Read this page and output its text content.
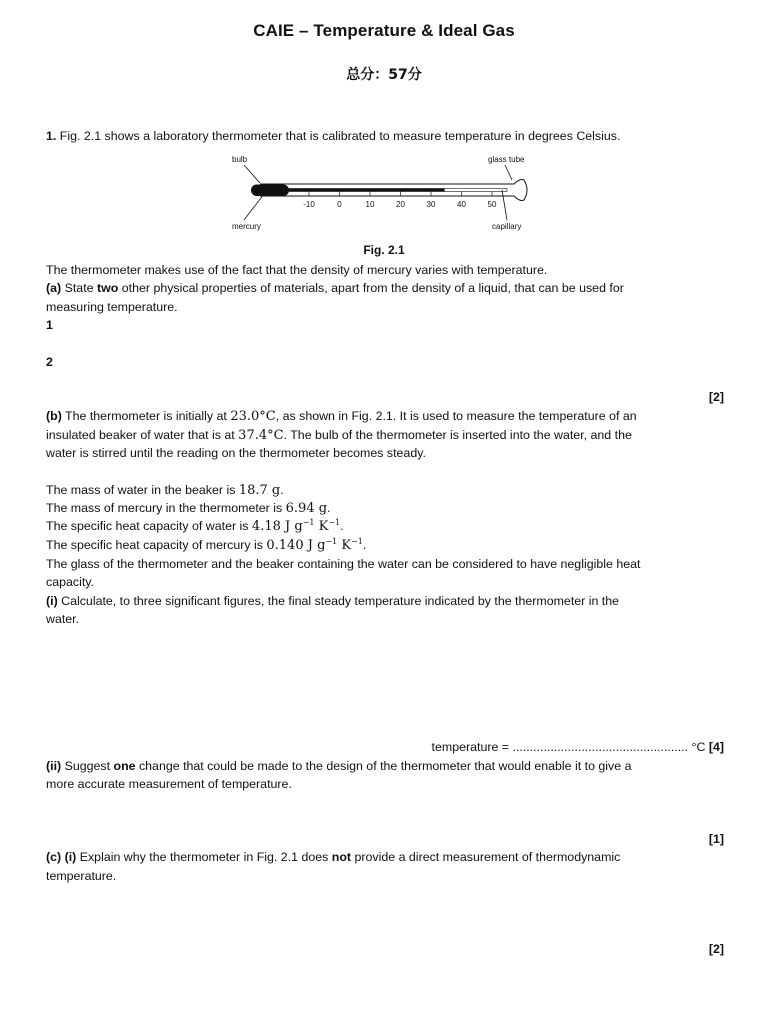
CAIE – Temperature & Ideal Gas
总分：57分
1. Fig. 2.1 shows a laboratory thermometer that is calibrated to measure temperature in degrees Celsius.
bulb	glass tube
mercury	capillary
-10	0	10	20	30	40	50
Fig. 2.1
The thermometer makes use of the fact that the density of mercury varies with temperature.
(a) State two other physical properties of materials, apart from the density of a liquid, that can be used for
measuring temperature.
1
2
[2]
(b) The thermometer is initially at 23.0°C, as shown in Fig. 2.1. It is used to measure the temperature of an
insulated beaker of water that is at 37.4°C. The bulb of the thermometer is inserted into the water, and the
water is stirred until the reading on the thermometer becomes steady.
The mass of water in the beaker is 18.7 g.
The mass of mercury in the thermometer is 6.94 g.
The specific heat capacity of water is 4.18 J $g^{-1}$ $K^{-1}$.
The specific heat capacity of mercury is 0.140 J $g^{-1}$ $K^{-1}$.
The glass of the thermometer and the beaker containing the water can be considered to have negligible heat
capacity.
(i) Calculate, to three significant figures, the final steady temperature indicated by the thermometer in the
water.
temperature = ................................................... °C [4]
(ii) Suggest one change that could be made to the design of the thermometer that would enable it to give a
more accurate measurement of temperature.
[1]
(c) (i) Explain why the thermometer in Fig. 2.1 does not provide a direct measurement of thermodynamic
temperature.
[2]
